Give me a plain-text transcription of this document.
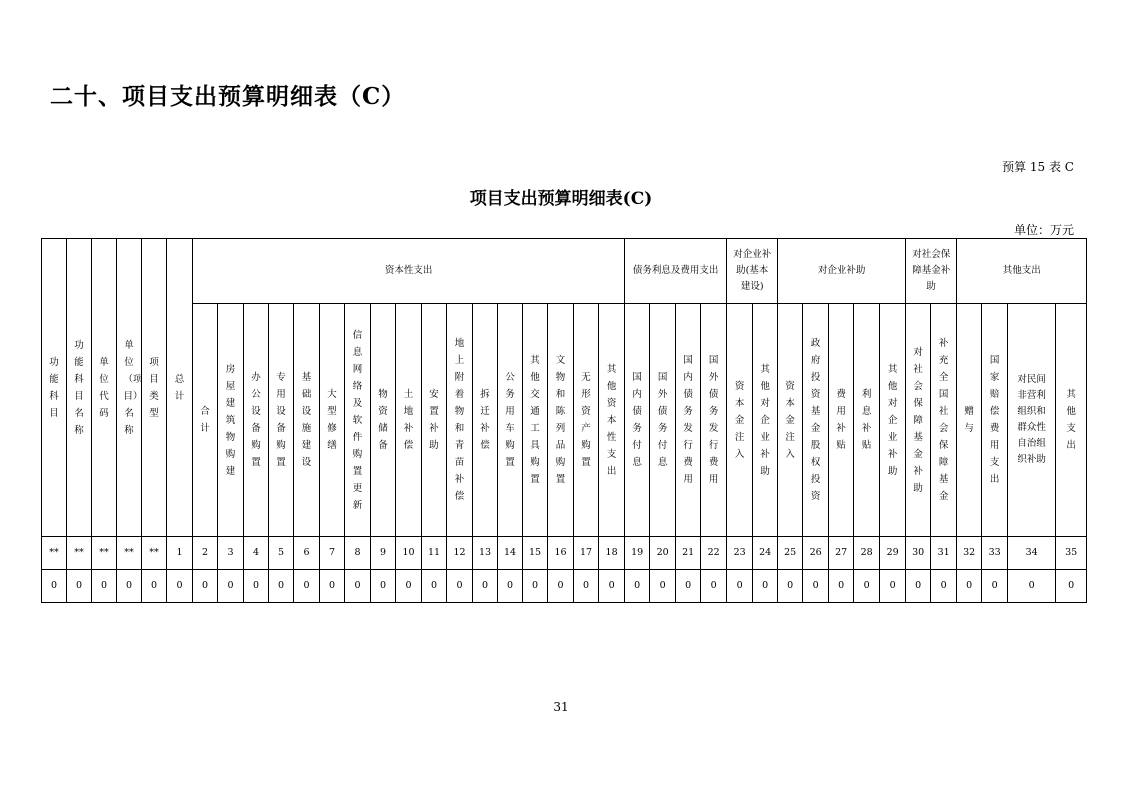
二十、项目支出预算明细表（C）
预算 15 表 C
项目支出预算明细表(C)
单位：万元
功能科目	功能科目名称	单位代码	单位（项目）名称	项目类型	总计	资本性支出																	债务利息及费用支出				对企业补助(基本建设)		对企业补助					对社会保障基金补助		其他支出			
						合计	房屋建筑物购建	办公设备购置	专用设备购置	基础设施建设	大型修缮	信息网络及软件购置更新	物资储备	土地补偿	安置补助	地上附着物和青苗补偿	拆迁补偿	公务用车购置	其他交通工具购置	文物和陈列品购置	无形资产购置	其他资本性支出	国内债务付息	国外债务付息	国内债务发行费用	国外债务发行费用	资本金注入	其他对企业补助	资本金注入	政府投资基金股权投资	费用补贴	利息补贴	其他对企业补助	对社会保障基金补助	补充全国社会保障基金	赠与	国家赔偿费用支出	对民间非营利组织和群众性自治组织补助	其他支出
**	**	**	**	**	1	2	3	4	5	6	7	8	9	10	11	12	13	14	15	16	17	18	19	20	21	22	23	24	25	26	27	28	29	30	31	32	33	34	35
0	0	0	0	0	0	0	0	0	0	0	0	0	0	0	0	0	0	0	0	0	0	0	0	0	0	0	0	0	0	0	0	0	0	0	0	0	0	0	0
31
